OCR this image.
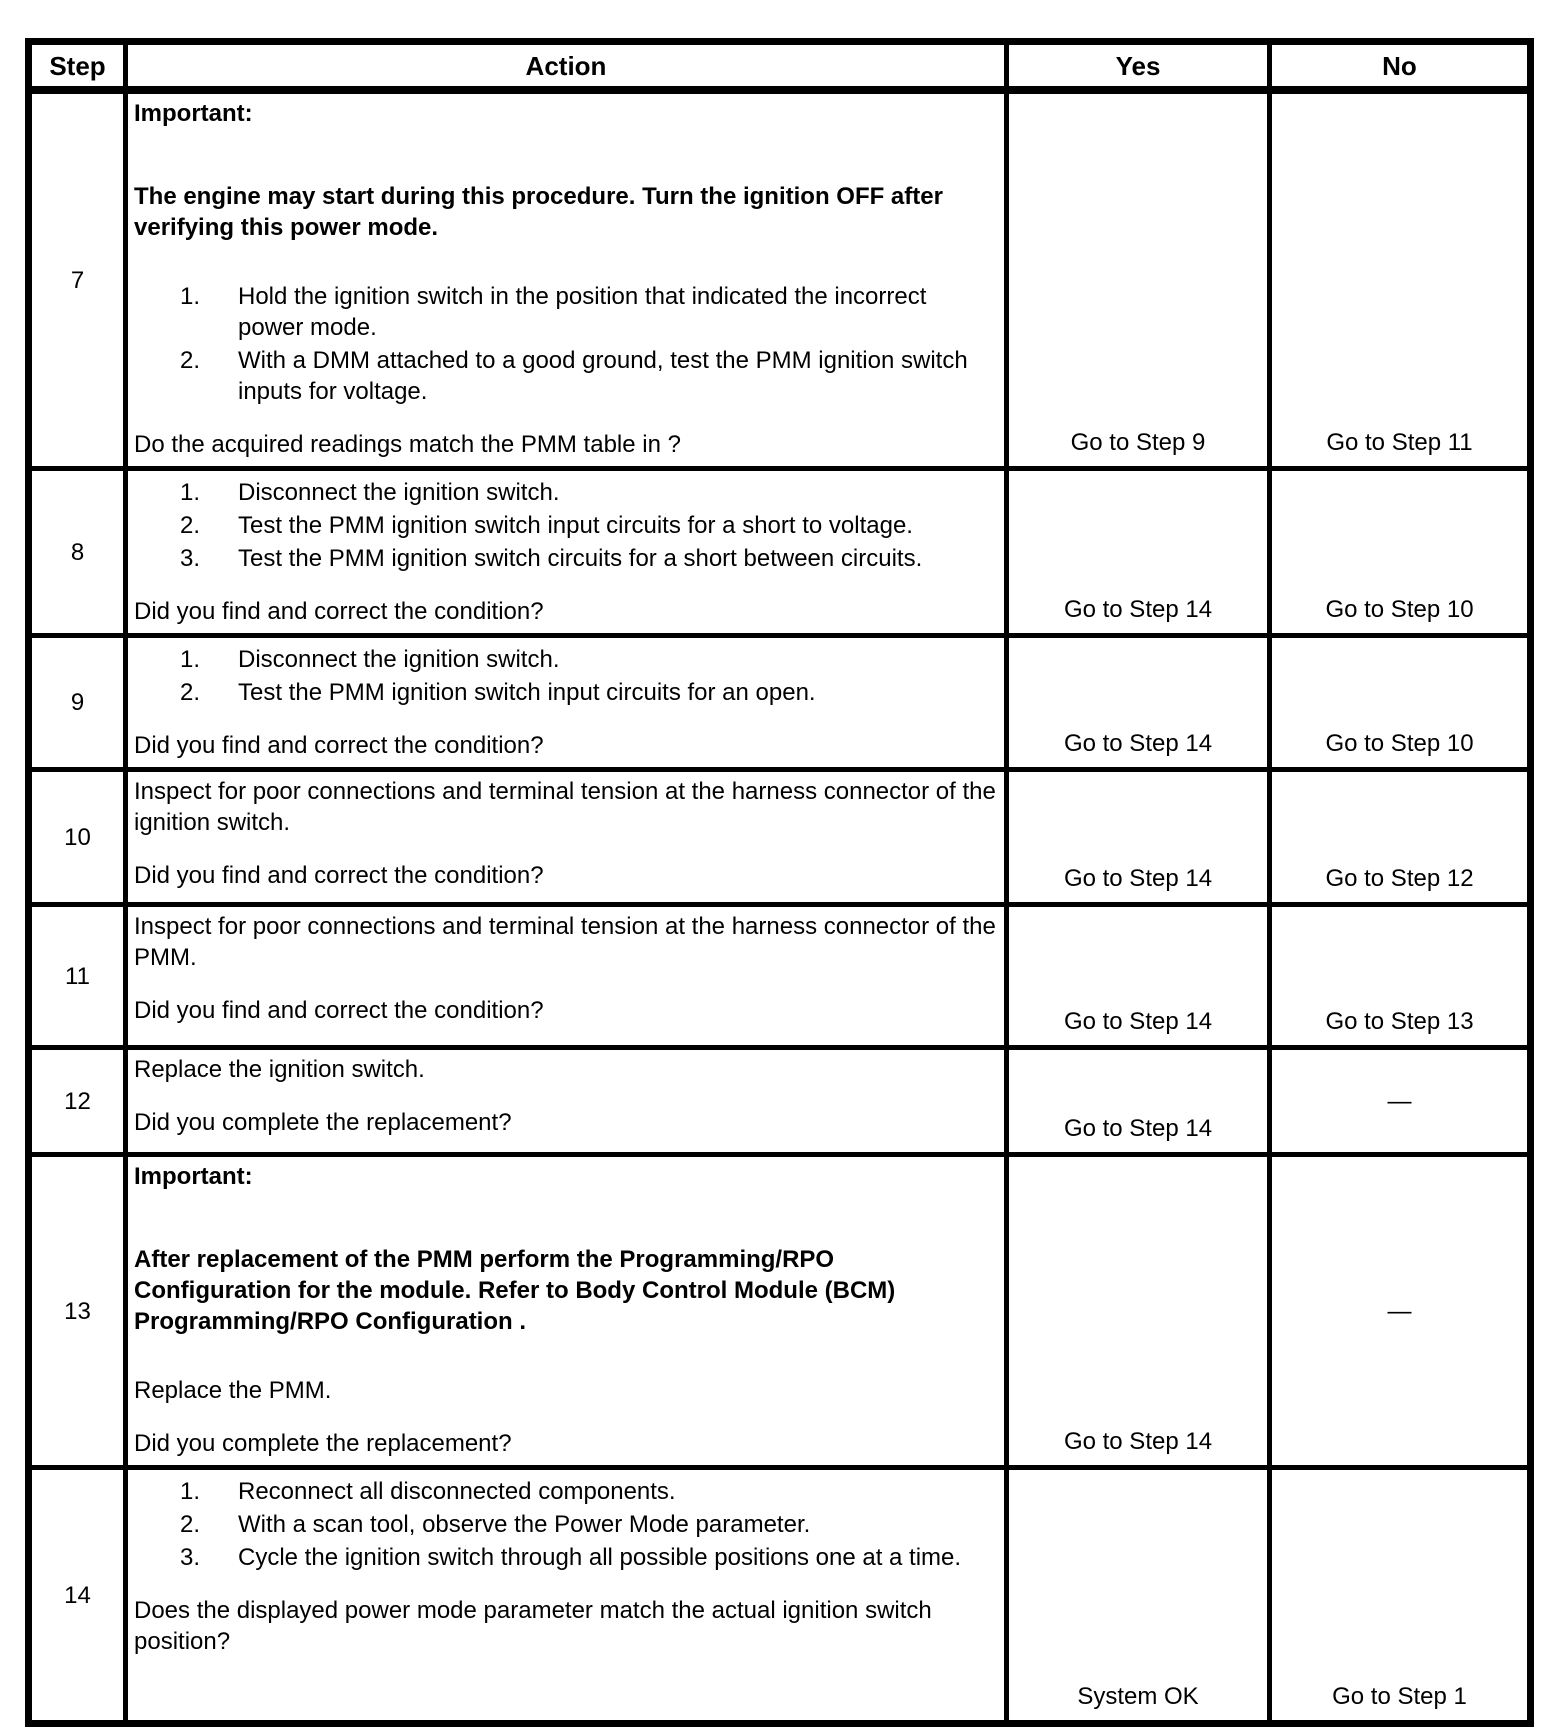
Step	Action	Yes	No
7	
Important:
The engine may start during this procedure. Turn the ignition OFF after verifying this power mode.
Hold the ignition switch in the position that indicated the incorrect power mode.
With a DMM attached to a good ground, test the PMM ignition switch inputs for voltage.
Do the acquired readings match the PMM table in ?	Go to Step 9	Go to Step 11
8	
Disconnect the ignition switch.
Test the PMM ignition switch input circuits for a short to voltage.
Test the PMM ignition switch circuits for a short between circuits.
Did you find and correct the condition?	Go to Step 14	Go to Step 10
9	
Disconnect the ignition switch.
Test the PMM ignition switch input circuits for an open.
Did you find and correct the condition?	Go to Step 14	Go to Step 10
10	Inspect for poor connections and terminal tension at the harness connector of the ignition switch.
Did you find and correct the condition?	Go to Step 14	Go to Step 12
11	Inspect for poor connections and terminal tension at the harness connector of the PMM.
Did you find and correct the condition?	Go to Step 14	Go to Step 13
12	Replace the ignition switch.
Did you complete the replacement?	Go to Step 14	—
13	Important:
After replacement of the PMM perform the Programming/RPO Configuration for the module. Refer to Body Control Module (BCM) Programming/RPO Configuration .
Replace the PMM.
Did you complete the replacement?	Go to Step 14	—
14	
Reconnect all disconnected components.
With a scan tool, observe the Power Mode parameter.
Cycle the ignition switch through all possible positions one at a time.
Does the displayed power mode parameter match the actual ignition switch position?
	System OK	Go to Step 1
